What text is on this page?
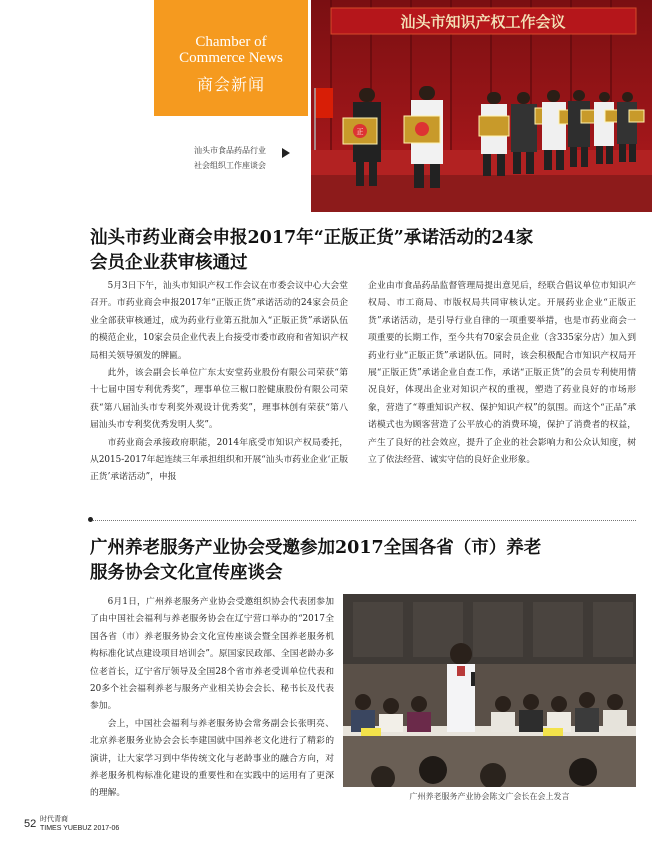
Chamber of
Commerce News
商会新闻
汕头市知识产权工作会议
正
汕头市食品药品行业
社会组织工作座谈会
汕头市药业商会申报2017年“正版正货”承诺活动的24家
会员企业获审核通过

5月3日下午，汕头市知识产权工作会议在市委会议中心大会堂召开。市药业商会申报2017年“正版正货”承诺活动的24家会员企业全部获审核通过，成为药业行业第五批加入“正版正货”承诺队伍的模范企业，10家会员企业代表上台接受市委市政府和省知识产权局相关领导颁发的牌匾。

此外，该会副会长单位广东太安堂药业股份有限公司荣获“第十七届中国专利优秀奖”，理事单位三椒口腔健康股份有限公司荣获“第八届汕头市专利奖外观设计优秀奖”，理事林创有荣获“第八届汕头市专利奖优秀发明人奖”。

市药业商会承接政府职能，2014年底受市知识产权局委托，从2015-2017年起连续三年承担组织和开展“汕头市药业企业‘正版正货’承诺活动”，申报

企业由市食品药品监督管理局提出意见后，经联合倡议单位市知识产权局、市工商局、市版权局共同审核认定。开展药业企业“正版正货”承诺活动，是引导行业自律的一项重要举措，也是市药业商会一项重要的长期工作，至今共有70家会员企业（含335家分店）加入到药业行业“正版正货”承诺队伍。同时，该会积极配合市知识产权局开展“正版正货”承诺企业自查工作，承诺“正版正货”的会员专利使用情况良好，体现出企业对知识产权的重视，塑造了药业良好的市场形象，营造了“尊重知识产权、保护知识产权”的氛围。而这个“正品”承诺模式也为顾客营造了公平放心的消费环境，保护了消费者的权益，产生了良好的社会效应，提升了企业的社会影响力和公众认知度，树立了依法经营、诚实守信的良好企业形象。

广州养老服务产业协会受邀参加2017全国各省（市）养老
服务协会文化宣传座谈会

6月1日，广州养老服务产业协会受邀组织协会代表团参加了由中国社会福利与养老服务协会在辽宁营口举办的“2017全国各省（市）养老服务协会文化宣传座谈会暨全国养老服务机构标准化试点建设项目培训会”。原国家民政部、全国老龄办多位老首长，辽宁省厅领导及全国28个省市养老受训单位代表和20多个社会福利养老与服务产业相关协会会长、秘书长及代表参加。

会上，中国社会福利与养老服务协会常务副会长张明亮、北京养老服务业协会会长李建国就中国养老文化进行了精彩的演讲，让大家学习到中华传统文化与老龄事业的融合方向，对养老服务机构标准化建设的重要性和在实践中的运用有了更深的理解。	广州养老服务产业协会陈文广会长在会上发言
52 时代青商
TIMES YUEBUZ 2017-06
